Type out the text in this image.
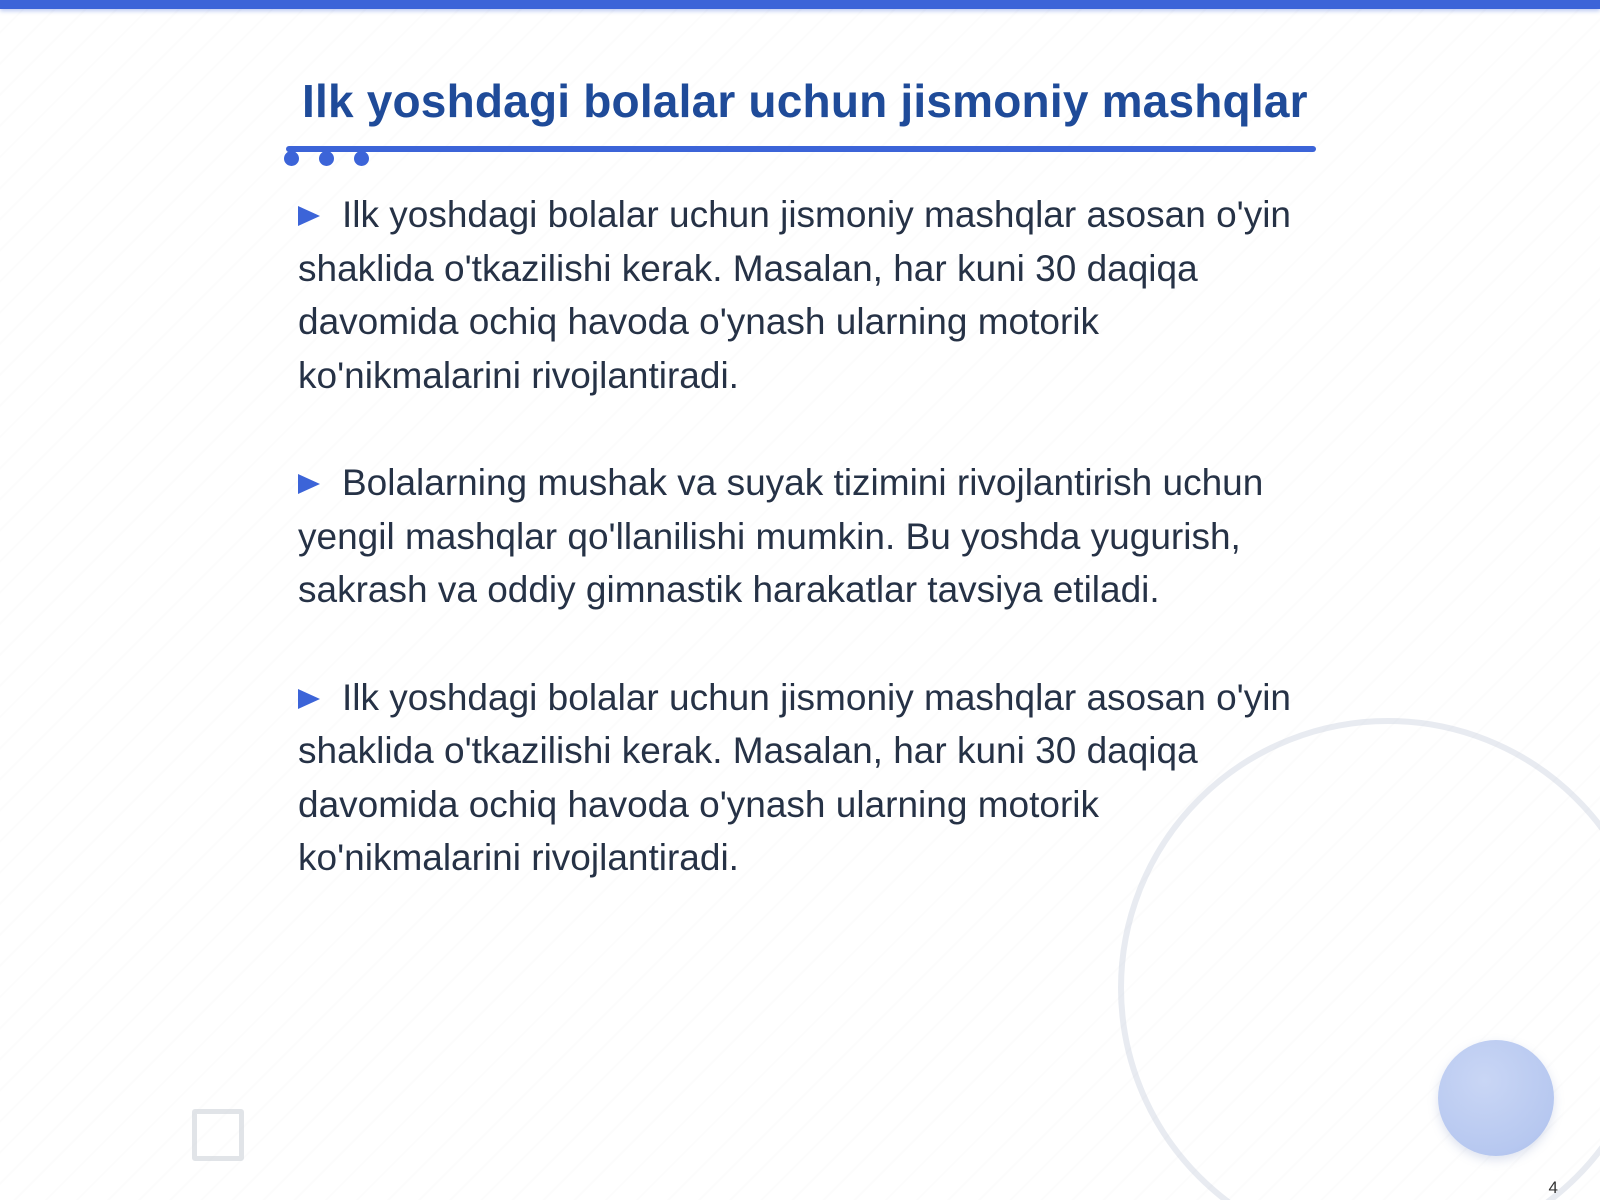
Ilk yoshdagi bolalar uchun jismoniy mashqlar

Ilk yoshdagi bolalar uchun jismoniy mashqlar asosan o'yin shaklida o'tkazilishi kerak. Masalan, har kuni 30 daqiqa davomida ochiq havoda o'ynash ularning motorik ko'nikmalarini rivojlantiradi.

Bolalarning mushak va suyak tizimini rivojlantirish uchun yengil mashqlar qo'llanilishi mumkin. Bu yoshda yugurish, sakrash va oddiy gimnastik harakatlar tavsiya etiladi.

Ilk yoshdagi bolalar uchun jismoniy mashqlar asosan o'yin shaklida o'tkazilishi kerak. Masalan, har kuni 30 daqiqa davomida ochiq havoda o'ynash ularning motorik ko'nikmalarini rivojlantiradi.

4
